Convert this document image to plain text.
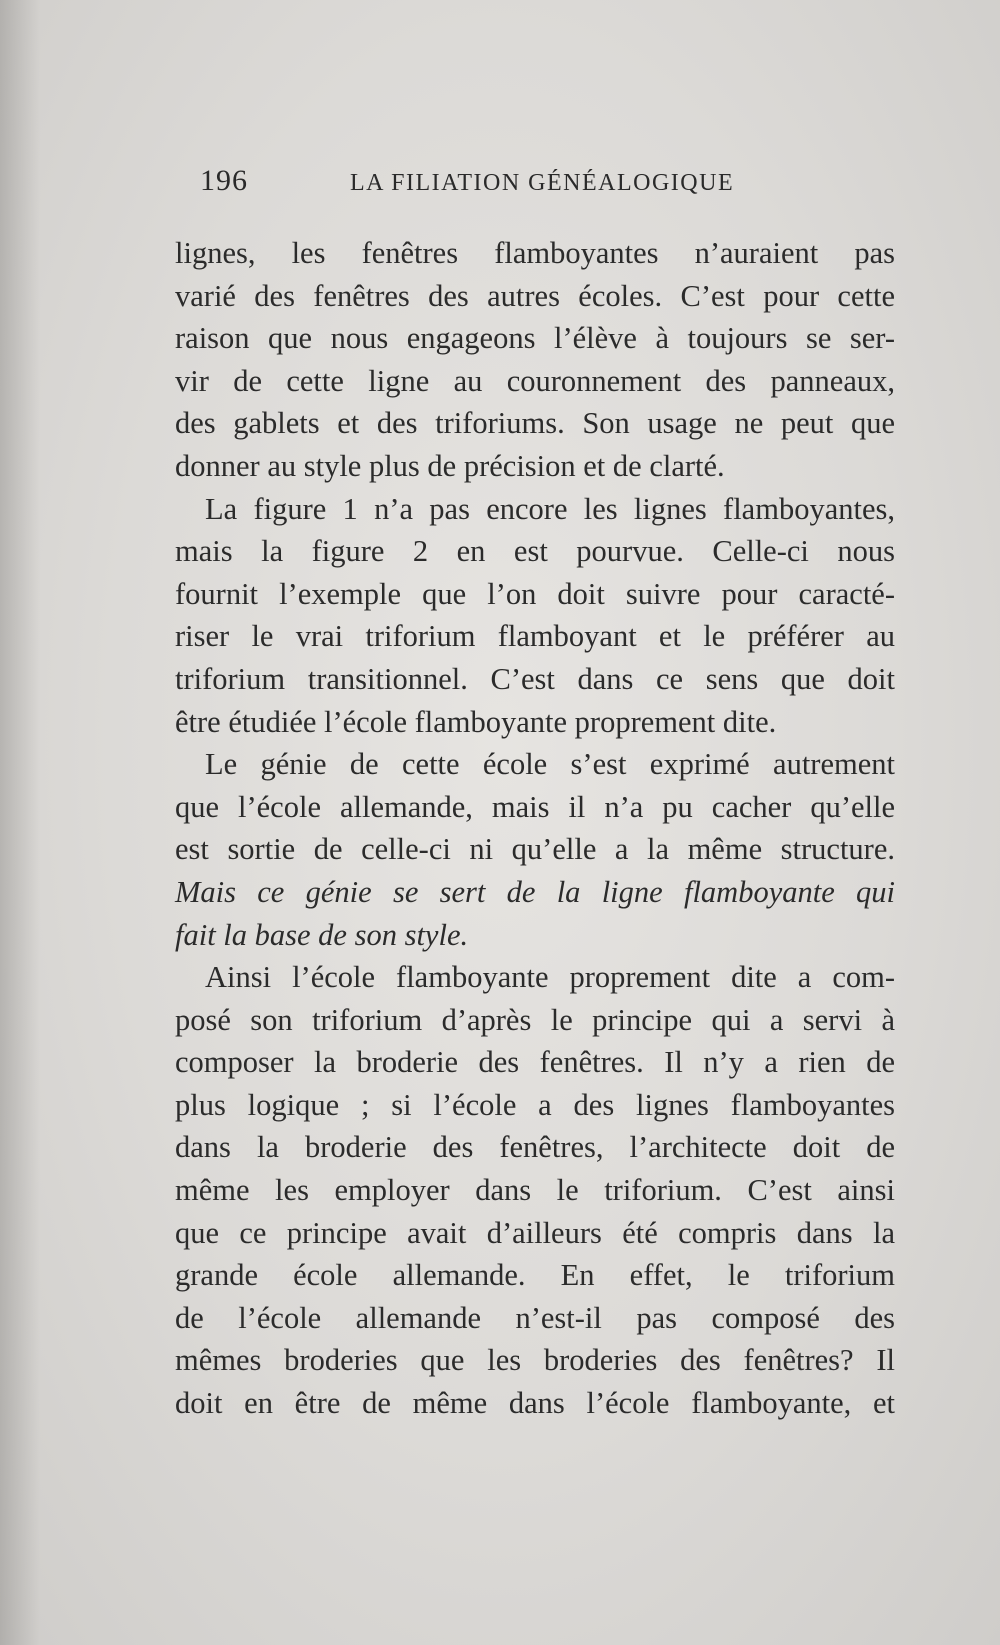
196	LA FILIATION GÉNÉALOGIQUE
lignes, les fenêtres flamboyantes n’auraient pas
varié des fenêtres des autres écoles. C’est pour cette
raison que nous engageons l’élève à toujours se ser-
vir de cette ligne au couronnement des panneaux,
des gablets et des triforiums. Son usage ne peut que
donner au style plus de précision et de clarté.
La figure 1 n’a pas encore les lignes flamboyantes,
mais la figure 2 en est pourvue. Celle-ci nous
fournit l’exemple que l’on doit suivre pour caracté-
riser le vrai triforium flamboyant et le préférer au
triforium transitionnel. C’est dans ce sens que doit
être étudiée l’école flamboyante proprement dite.
Le génie de cette école s’est exprimé autrement
que l’école allemande, mais il n’a pu cacher qu’elle
est sortie de celle-ci ni qu’elle a la même structure.
Mais ce génie se sert de la ligne flamboyante qui
fait la base de son style.
Ainsi l’école flamboyante proprement dite a com-
posé son triforium d’après le principe qui a servi à
composer la broderie des fenêtres. Il n’y a rien de
plus logique ; si l’école a des lignes flamboyantes
dans la broderie des fenêtres, l’architecte doit de
même les employer dans le triforium. C’est ainsi
que ce principe avait d’ailleurs été compris dans la
grande école allemande. En effet, le triforium
de l’école allemande n’est-il pas composé des
mêmes broderies que les broderies des fenêtres? Il
doit en être de même dans l’école flamboyante, et
